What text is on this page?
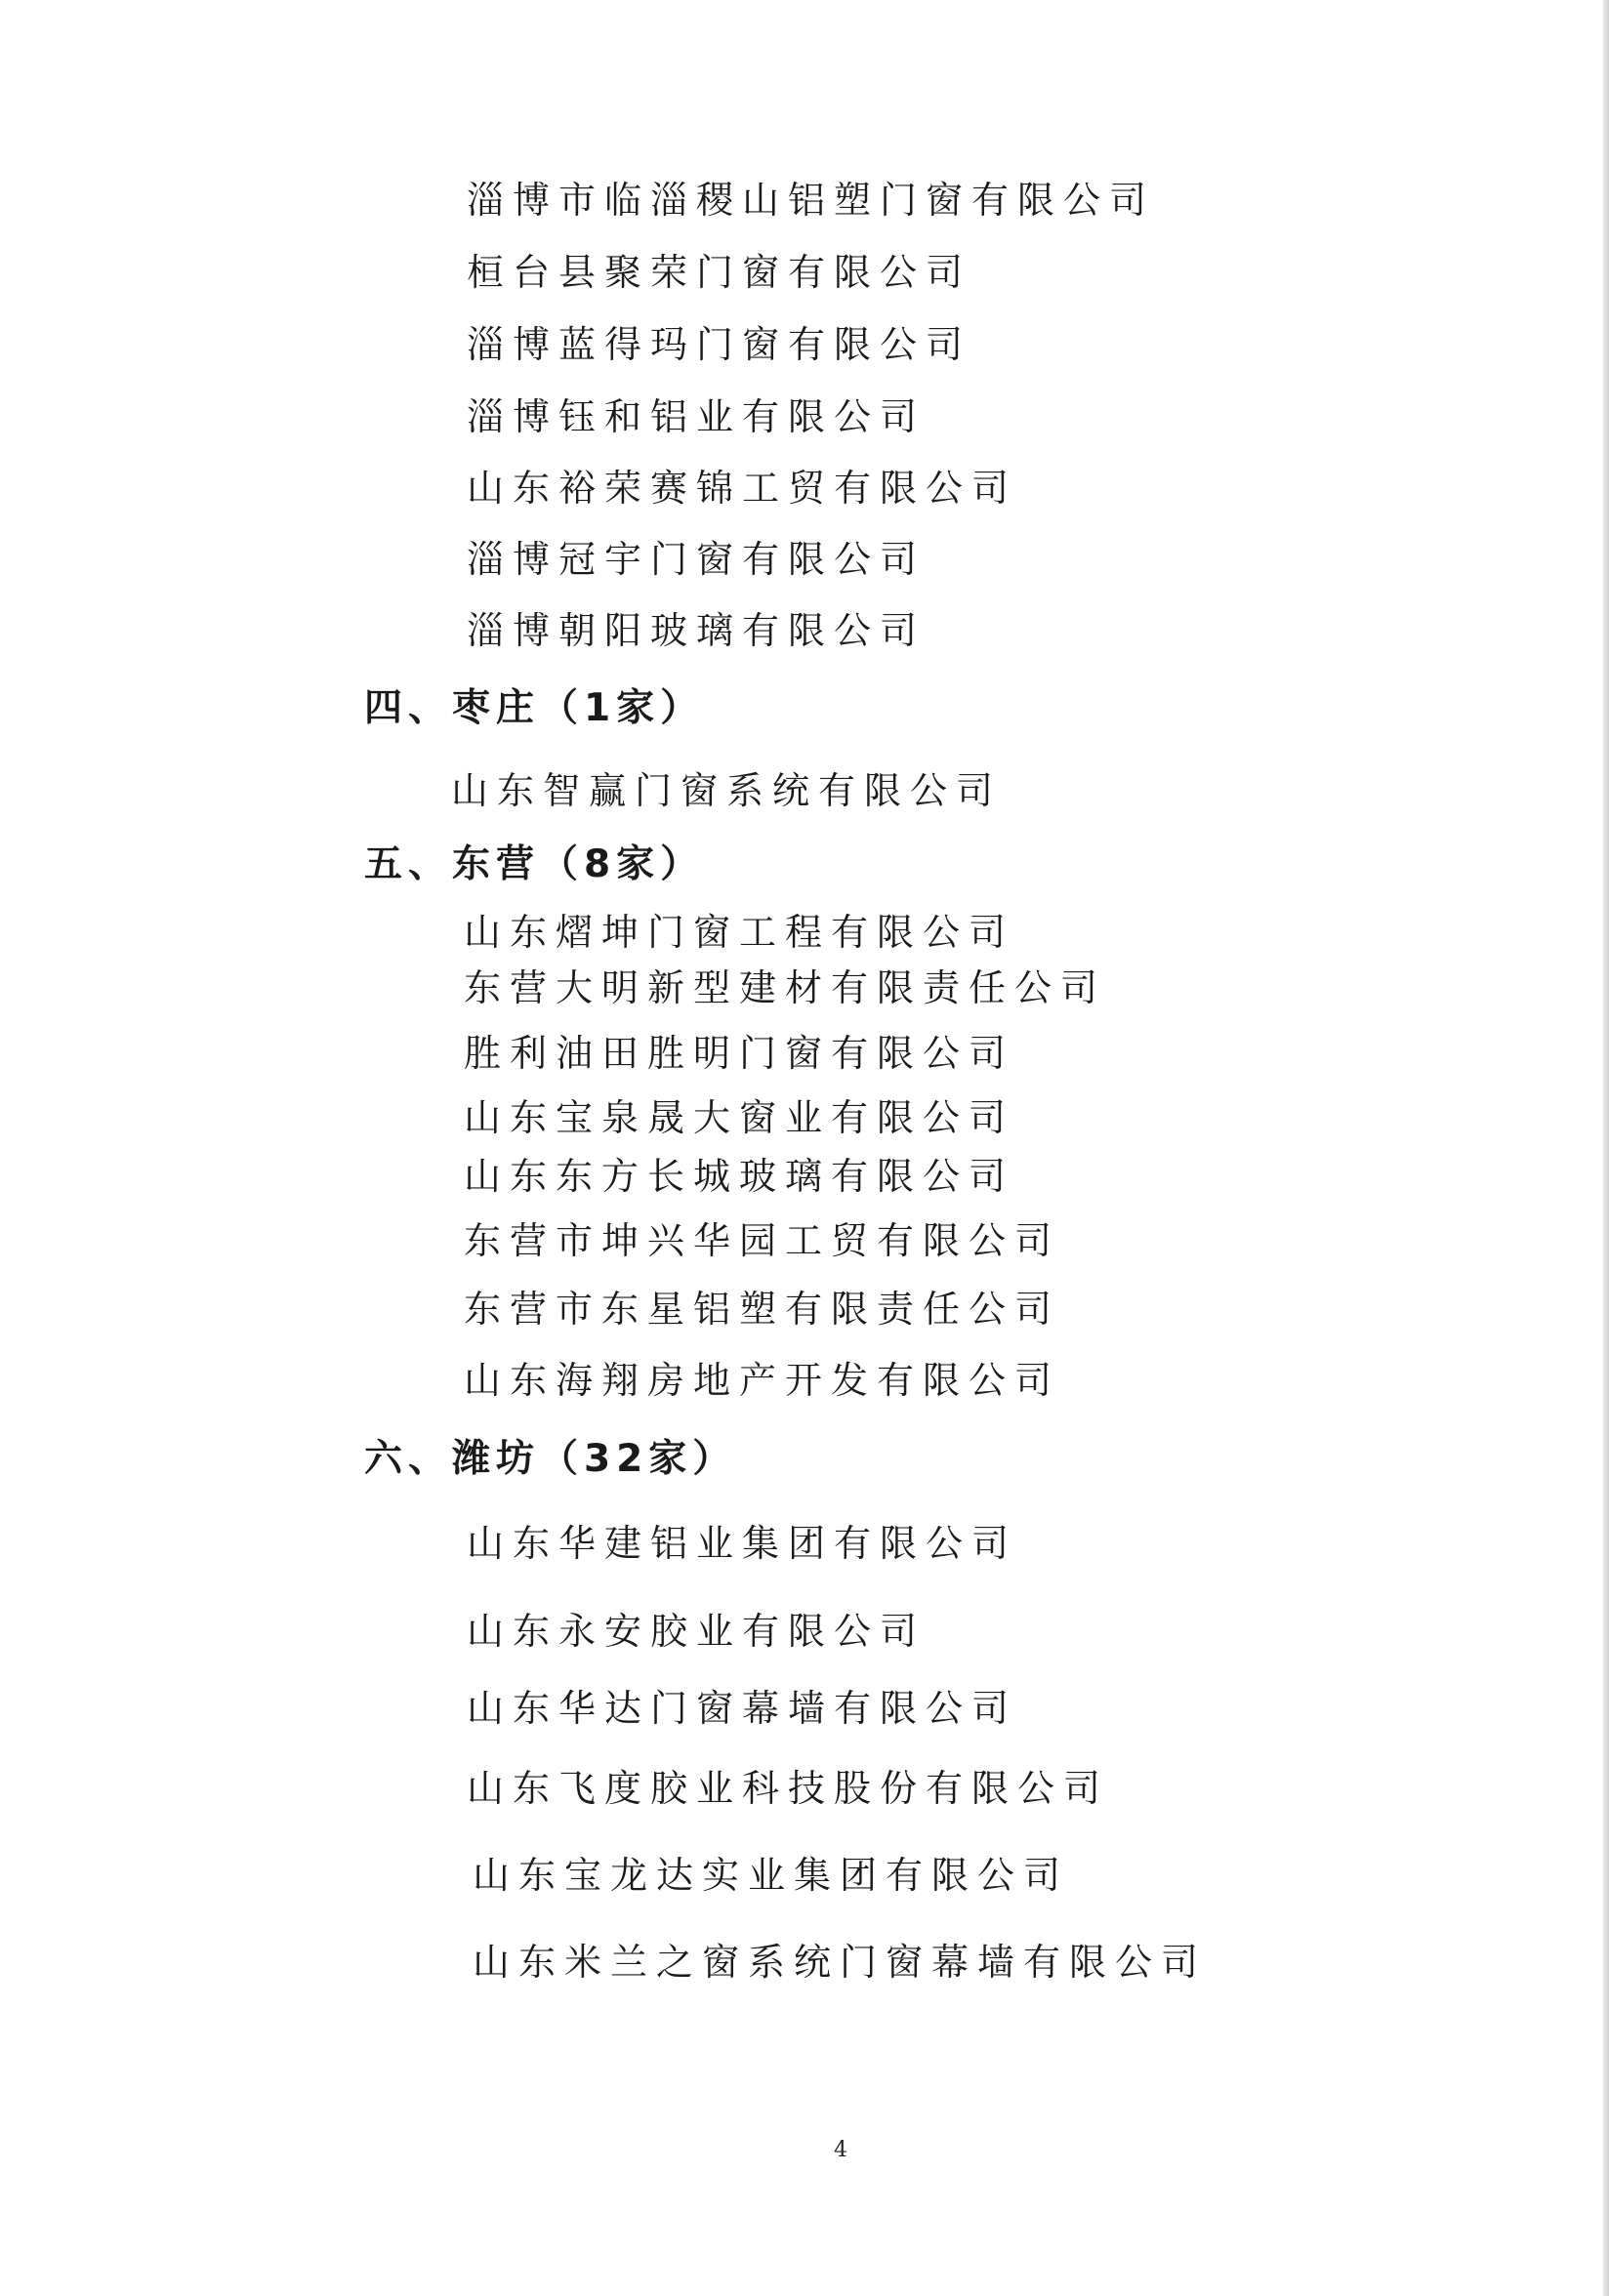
淄博市临淄稷山铝塑门窗有限公司
桓台县聚荣门窗有限公司
淄博蓝得玛门窗有限公司
淄博钰和铝业有限公司
山东裕荣赛锦工贸有限公司
淄博冠宇门窗有限公司
淄博朝阳玻璃有限公司
四、枣庄（1家）
山东智赢门窗系统有限公司
五、东营（8家）
山东熠坤门窗工程有限公司
东营大明新型建材有限责任公司
胜利油田胜明门窗有限公司
山东宝泉晟大窗业有限公司
山东东方长城玻璃有限公司
东营市坤兴华园工贸有限公司
东营市东星铝塑有限责任公司
山东海翔房地产开发有限公司
六、潍坊（32家）
山东华建铝业集团有限公司
山东永安胶业有限公司
山东华达门窗幕墙有限公司
山东飞度胶业科技股份有限公司
山东宝龙达实业集团有限公司
山东米兰之窗系统门窗幕墙有限公司
4
